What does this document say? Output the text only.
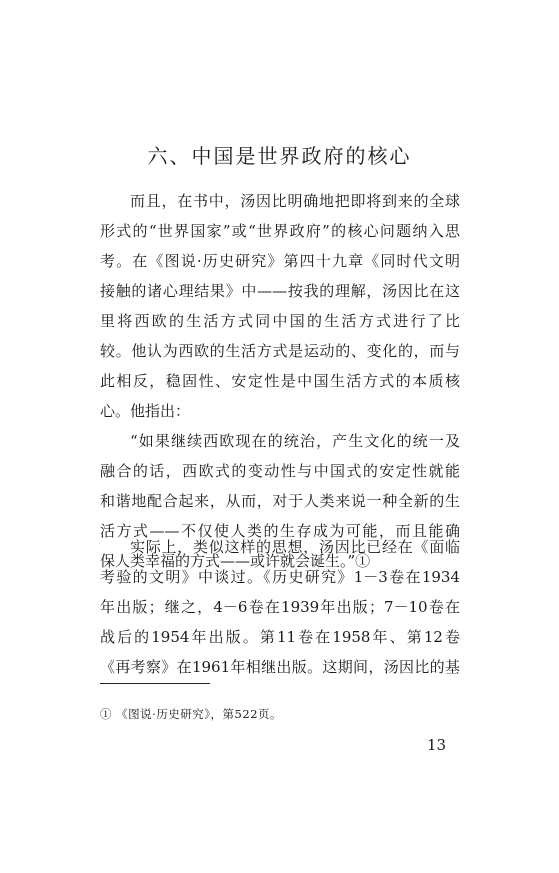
六、中国是世界政府的核心
而且，在书中，汤因比明确地把即将到来的全球
形式的“世界国家”或“世界政府”的核心问题纳入思
考。在《图说·历史研究》第四十九章《同时代文明
接触的诸心理结果》中——按我的理解，汤因比在这
里将西欧的生活方式同中国的生活方式进行了比
较。他认为西欧的生活方式是运动的、变化的，而与
此相反，稳固性、安定性是中国生活方式的本质核
心。他指出：
“如果继续西欧现在的统治，产生文化的统一及
融合的话，西欧式的变动性与中国式的安定性就能
和谐地配合起来，从而，对于人类来说一种全新的生
活方式——不仅使人类的生存成为可能，而且能确
保人类幸福的方式——或许就会诞生。”①
实际上，类似这样的思想，汤因比已经在《面临
考验的文明》中谈过。《历史研究》1－3卷在1934
年出版；继之，4－6卷在1939年出版；7－10卷在
战后的1954年出版。第11卷在1958年、第12卷
《再考察》在1961年相继出版。这期间，汤因比的基
① 《图说·历史研究》，第522页。
13
